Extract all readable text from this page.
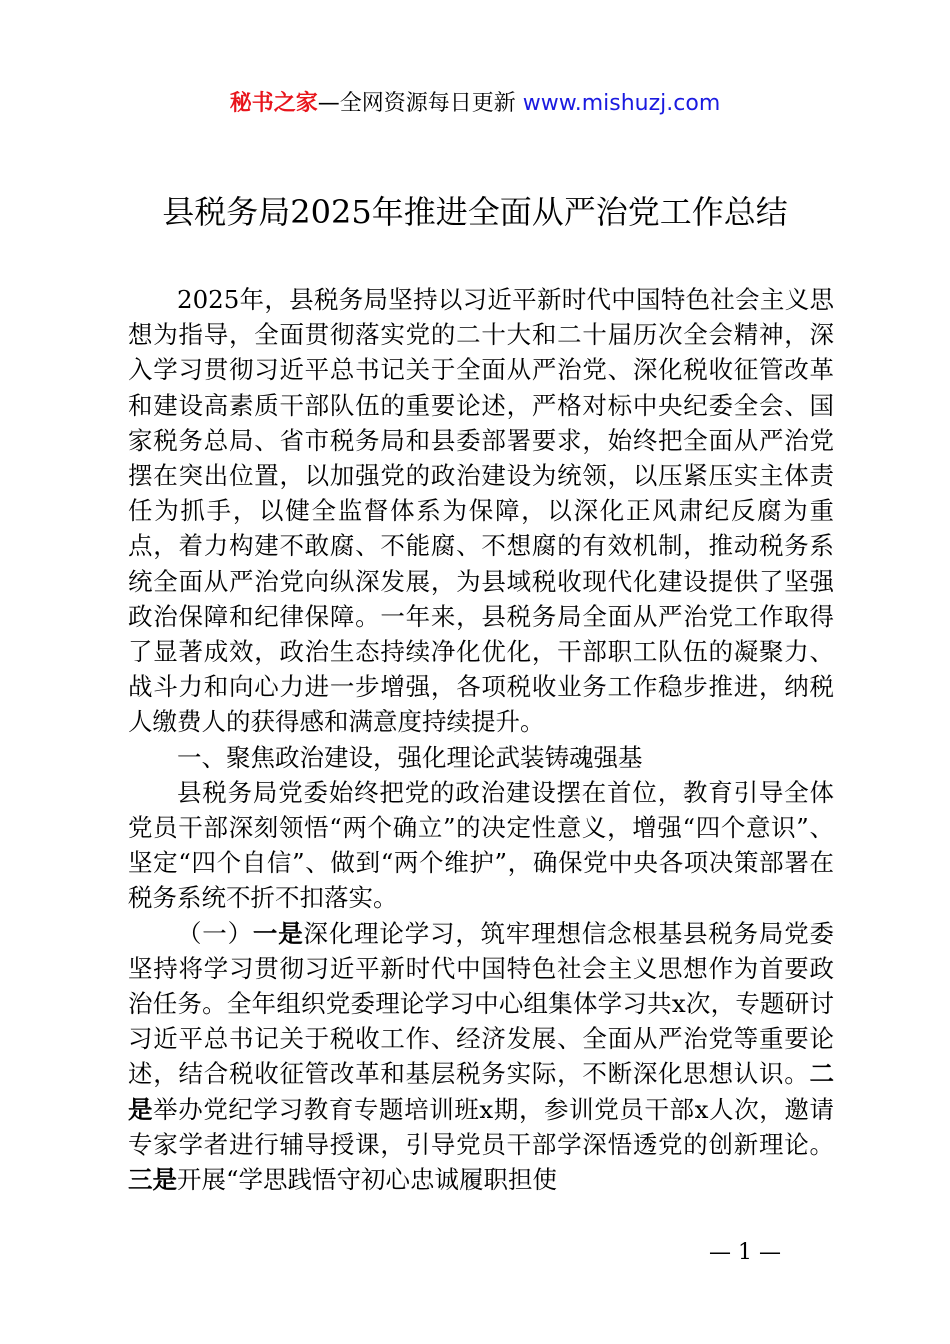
秘书之家—全网资源每日更新 www.mishuzj.com
县税务局2025年推进全面从严治党工作总结

2025年，县税务局坚持以习近平新时代中国特色社会主义思想为指导，全面贯彻落实党的二十大和二十届历次全会精神，深入学习贯彻习近平总书记关于全面从严治党、深化税收征管改革和建设高素质干部队伍的重要论述，严格对标中央纪委全会、国家税务总局、省市税务局和县委部署要求，始终把全面从严治党摆在突出位置，以加强党的政治建设为统领，以压紧压实主体责任为抓手，以健全监督体系为保障，以深化正风肃纪反腐为重点，着力构建不敢腐、不能腐、不想腐的有效机制，推动税务系统全面从严治党向纵深发展，为县域税收现代化建设提供了坚强政治保障和纪律保障。一年来，县税务局全面从严治党工作取得了显著成效，政治生态持续净化优化，干部职工队伍的凝聚力、战斗力和向心力进一步增强，各项税收业务工作稳步推进，纳税人缴费人的获得感和满意度持续提升。

一、聚焦政治建设，强化理论武装铸魂强基

县税务局党委始终把党的政治建设摆在首位，教育引导全体党员干部深刻领悟“两个确立”的决定性意义，增强“四个意识”、坚定“四个自信”、做到“两个维护”，确保党中央各项决策部署在税务系统不折不扣落实。

（一）一是深化理论学习，筑牢理想信念根基县税务局党委坚持将学习贯彻习近平新时代中国特色社会主义思想作为首要政治任务。全年组织党委理论学习中心组集体学习共x次，专题研讨习近平总书记关于税收工作、经济发展、全面从严治党等重要论述，结合税收征管改革和基层税务实际，不断深化思想认识。二是举办党纪学习教育专题培训班x期，参训党员干部x人次，邀请专家学者进行辅导授课，引导党员干部学深悟透党的创新理论。三是开展“学思践悟守初心忠诚履职担使

— 1 —
